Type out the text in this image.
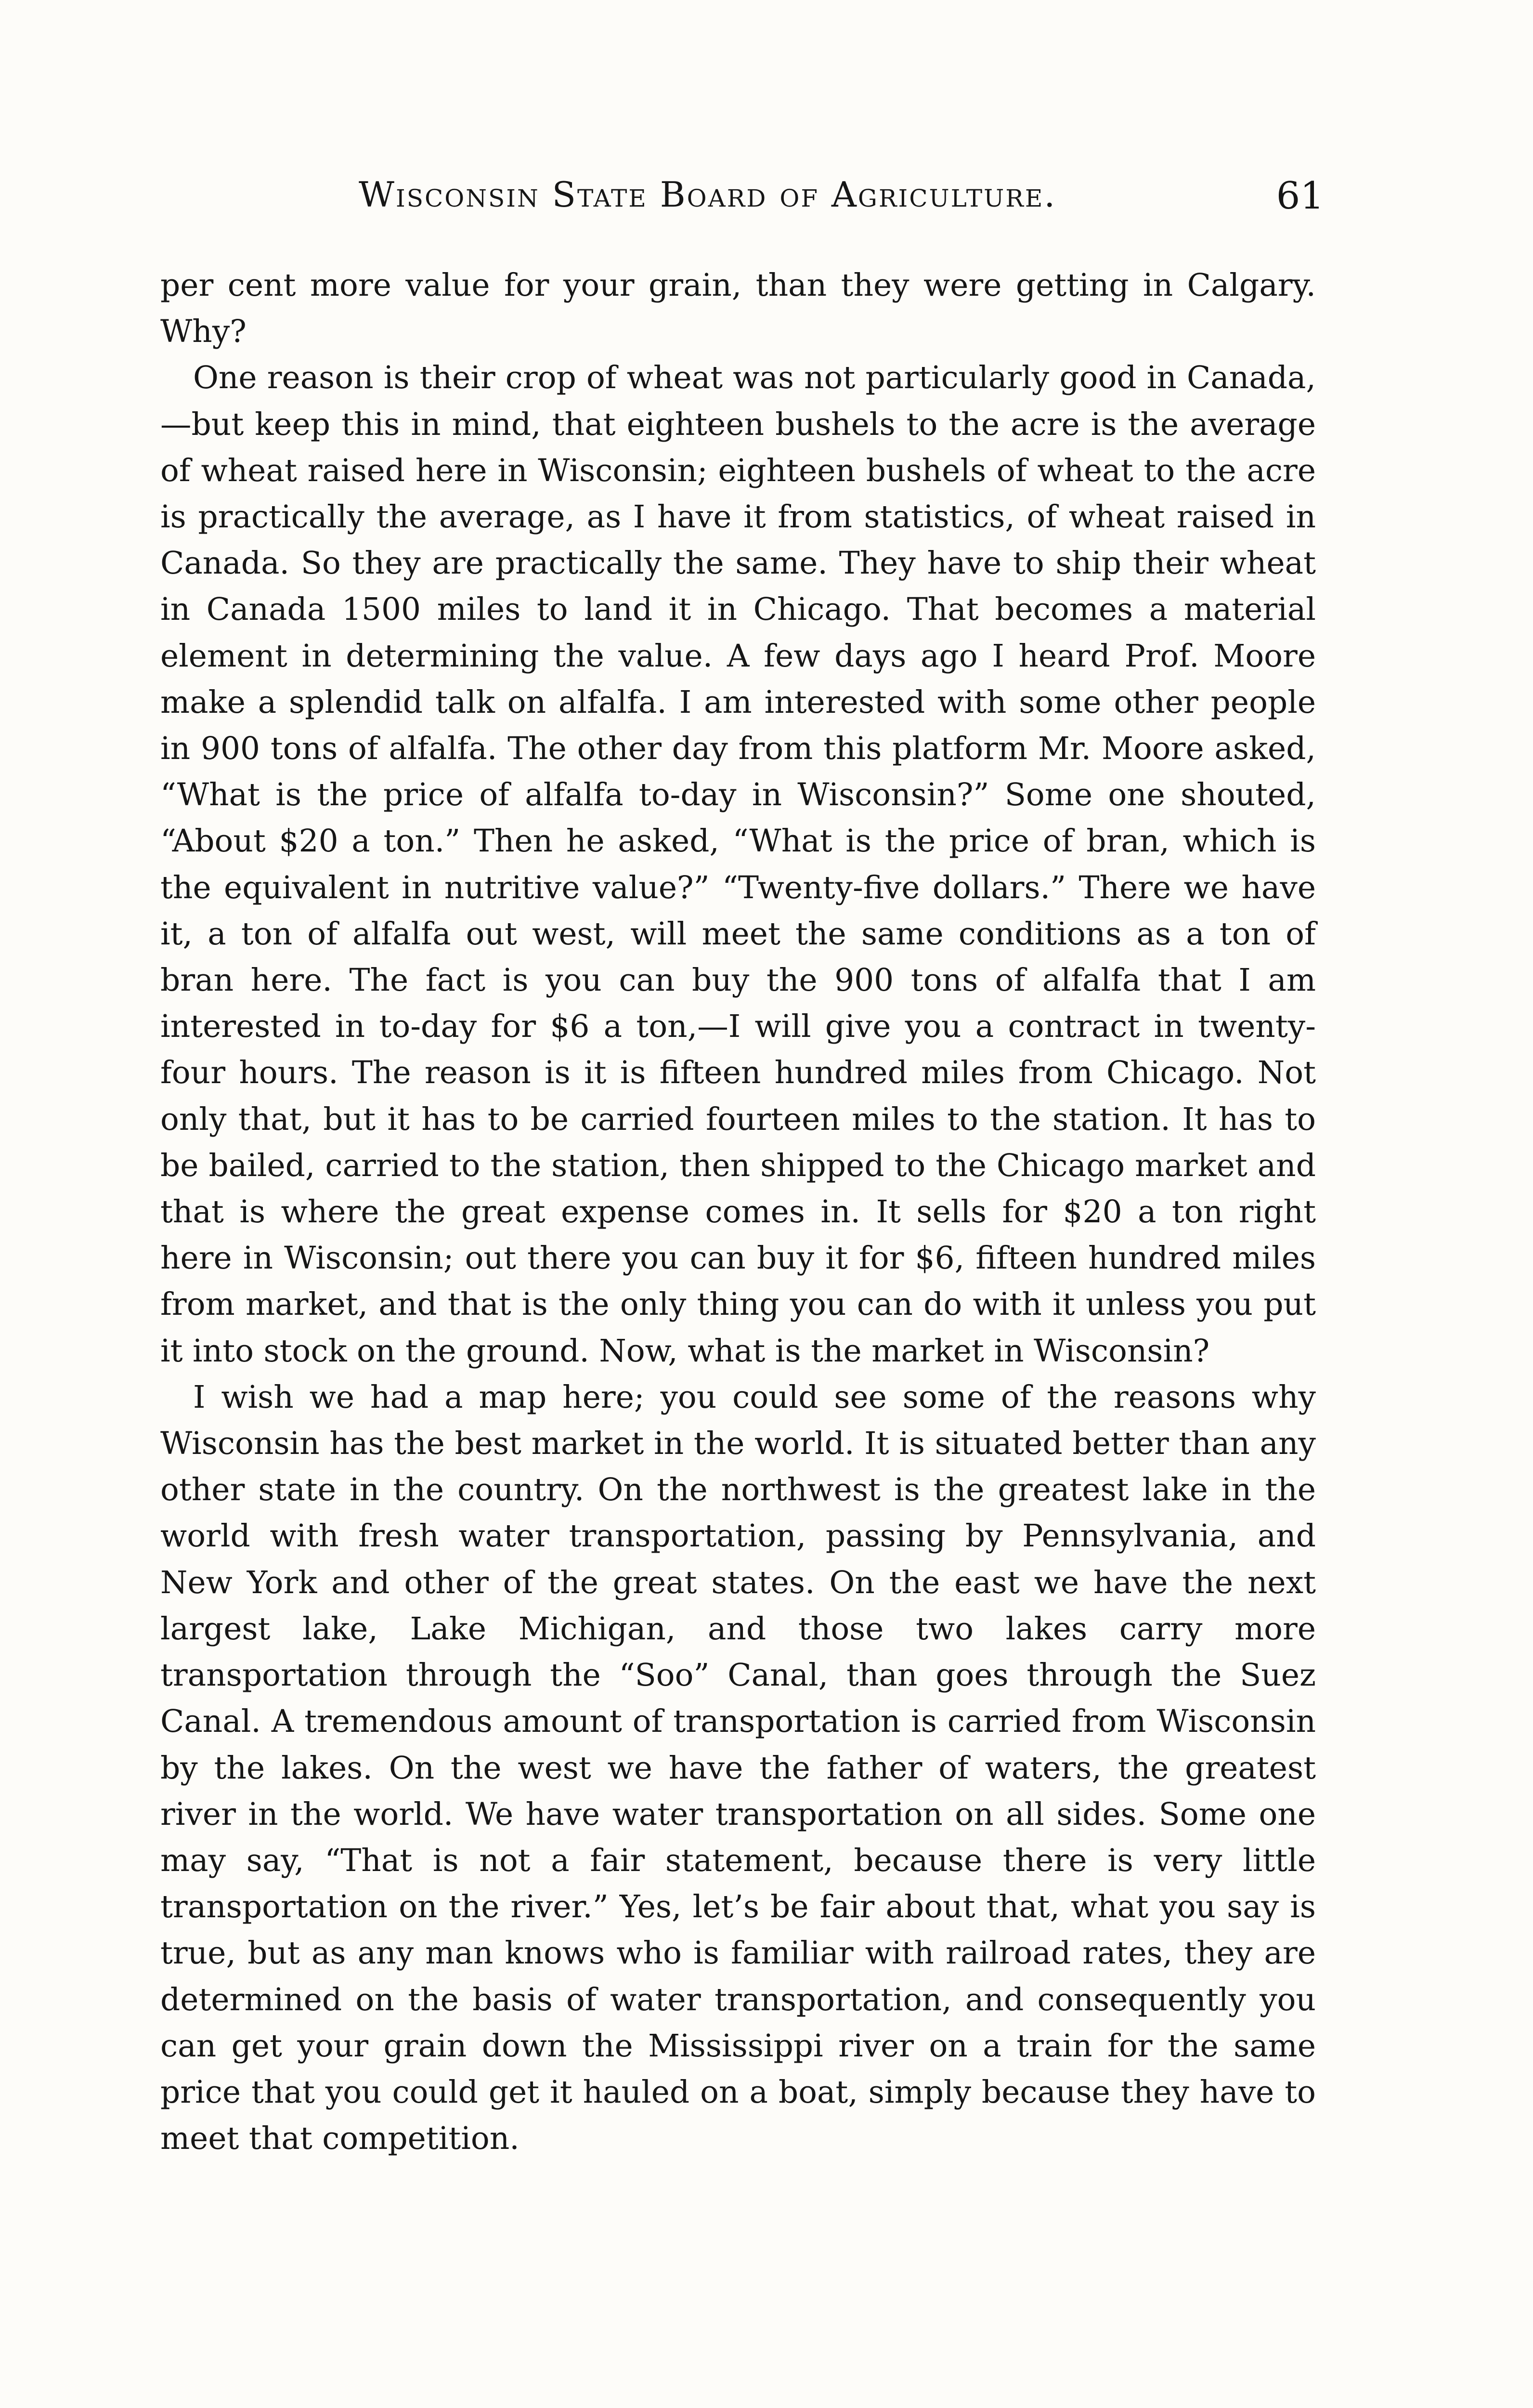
Wisconsin State Board of Agriculture.	61

per cent more value for your grain, than they were getting in Calgary. Why?

One reason is their crop of wheat was not particularly good in Canada,—but keep this in mind, that eighteen bushels to the acre is the average of wheat raised here in Wisconsin; eighteen bushels of wheat to the acre is practically the average, as I have it from statistics, of wheat raised in Canada. So they are practically the same. They have to ship their wheat in Canada 1500 miles to land it in Chicago. That becomes a material element in determining the value. A few days ago I heard Prof. Moore make a splendid talk on alfalfa. I am interested with some other people in 900 tons of alfalfa. The other day from this platform Mr. Moore asked, “What is the price of alfalfa to-day in Wisconsin?” Some one shouted, “About $20 a ton.” Then he asked, “What is the price of bran, which is the equivalent in nutritive value?” “Twenty-five dollars.” There we have it, a ton of alfalfa out west, will meet the same conditions as a ton of bran here. The fact is you can buy the 900 tons of alfalfa that I am interested in to-day for $6 a ton,—I will give you a contract in twenty-four hours. The reason is it is fifteen hundred miles from Chicago. Not only that, but it has to be carried fourteen miles to the station. It has to be bailed, carried to the station, then shipped to the Chicago market and that is where the great expense comes in. It sells for $20 a ton right here in Wisconsin; out there you can buy it for $6, fifteen hundred miles from market, and that is the only thing you can do with it unless you put it into stock on the ground. Now, what is the market in Wisconsin?

I wish we had a map here; you could see some of the reasons why Wisconsin has the best market in the world. It is situated better than any other state in the country. On the northwest is the greatest lake in the world with fresh water transportation, passing by Pennsylvania, and New York and other of the great states. On the east we have the next largest lake, Lake Michigan, and those two lakes carry more transportation through the “Soo” Canal, than goes through the Suez Canal. A tremendous amount of transportation is carried from Wisconsin by the lakes. On the west we have the father of waters, the greatest river in the world. We have water transportation on all sides. Some one may say, “That is not a fair statement, because there is very little transportation on the river.” Yes, let’s be fair about that, what you say is true, but as any man knows who is familiar with railroad rates, they are determined on the basis of water transportation, and consequently you can get your grain down the Mississippi river on a train for the same price that you could get it hauled on a boat, simply because they have to meet that competition.
